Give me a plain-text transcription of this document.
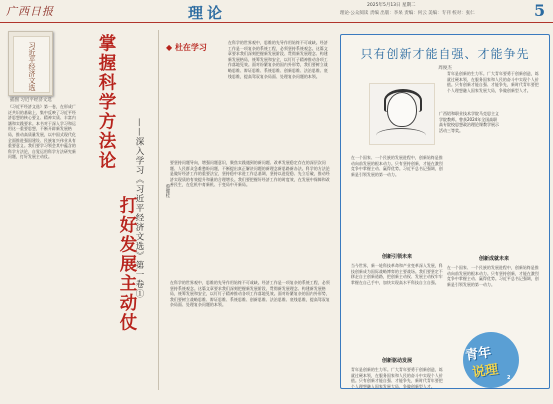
广西日报	理论	2025年5月13日 星期二
理论·公众阅读 责编 出版：李杲 责编：何云 美编：专刊 校对：张仁	5
习近平经济文选
插图 习近平经济文选
《习近平经济文选》第一卷，在形成广泛共识的基础上，集中反映了习近平经济思想的核心要义、精神实质、丰富内涵和实践要求。本书对于深入学习和运用这一重要思想，不断开辟新发展格局，推动高质量发展，以中国式现代化全面推进强国建设、民族复兴伟业具有重要意义。我们要学习领会其中蕴含的科学方法论，自觉运用科学方法研究新问题，打好发展主动仗。	掌握科学方法论
打好发展主动仗
——深入学习《习近平经济文选》第一卷①
◆ 杜在学习
蔡健桂
在科学的世界观中，思维的先导作用始终不可或缺。经济工作是一项复杂的系统工程，必须坚持系统观念。这篇文章要求我们深刻把握新发展阶段、贯彻新发展理念、构建新发展格局，统筹发展和安全，以钉钉子精神推动各项工作落地见效。面对纷繁复杂的国内外形势，我们要树立战略思维、辩证思维、系统思维、创新思维、法治思维、底线思维，提高驾驭复杂局面、处理复杂问题的本领。
要坚持问题导向，增强问题意识，聚焦实践遇到的新问题、改革发展稳定存在的深层次问题、人民群众急难愁盼问题，不断提出真正解决问题的新理念新思路新办法。科学的方法论是做好经济工作的重要法宝，坚持稳中求进工作总基调，坚持以进促稳、先立后破，推动经济实现质的有效提升和量的合理增长。我们要把握好经济工作的时度效，在发展中保障和改善民生，在危机中育新机、于变局中开新局。
在科学的世界观中，思维的先导作用始终不可或缺。经济工作是一项复杂的系统工程，必须坚持系统观念。这篇文章要求我们深刻把握新发展阶段、贯彻新发展理念、构建新发展格局，统筹发展和安全，以钉钉子精神推动各项工作落地见效。面对纷繁复杂的国内外形势，我们要树立战略思维、辩证思维、系统思维、创新思维、法治思维、底线思维，提高驾驭复杂局面、处理复杂问题的本领。
只有创新才能自强、才能争先
周俊杰
广西铝和职业技术学院马克思主义学院教师。曾获2024年全国高职高专院校思想政治理论课教学展示活动三等奖。
在一个国家、一个民族的发展进程中，创新始终是推动向前发展的根本动力。只有坚持创新，才能在激烈竞争中掌握主动、赢得优势。习近平总书记强调，创新是引领发展的第一动力。
创新引领未来
当今世界，新一轮科技革命和产业变革深入发展，科技创新成为国际战略博弈的主要战场。我们要坚定不移走自主创新道路，把创新主动权、发展主动权牢牢掌握在自己手中，加快实现高水平科技自立自强。
创新驱动发展
青年是创新的生力军。广大青年要勇于创新创造，练就过硬本领，在服务国家和人民的奋斗中实现个人价值。只有创新才能自强、才能争先，新时代青年要把个人理想融入国家发展大局，争做创新型人才。
青年是创新的生力军。广大青年要勇于创新创造，练就过硬本领，在服务国家和人民的奋斗中实现个人价值。只有创新才能自强、才能争先，新时代青年要把个人理想融入国家发展大局，争做创新型人才。
创新成就未来
在一个国家、一个民族的发展进程中，创新始终是推动向前发展的根本动力。只有坚持创新，才能在激烈竞争中掌握主动、赢得优势。习近平总书记强调，创新是引领发展的第一动力。
青年
说理 2
